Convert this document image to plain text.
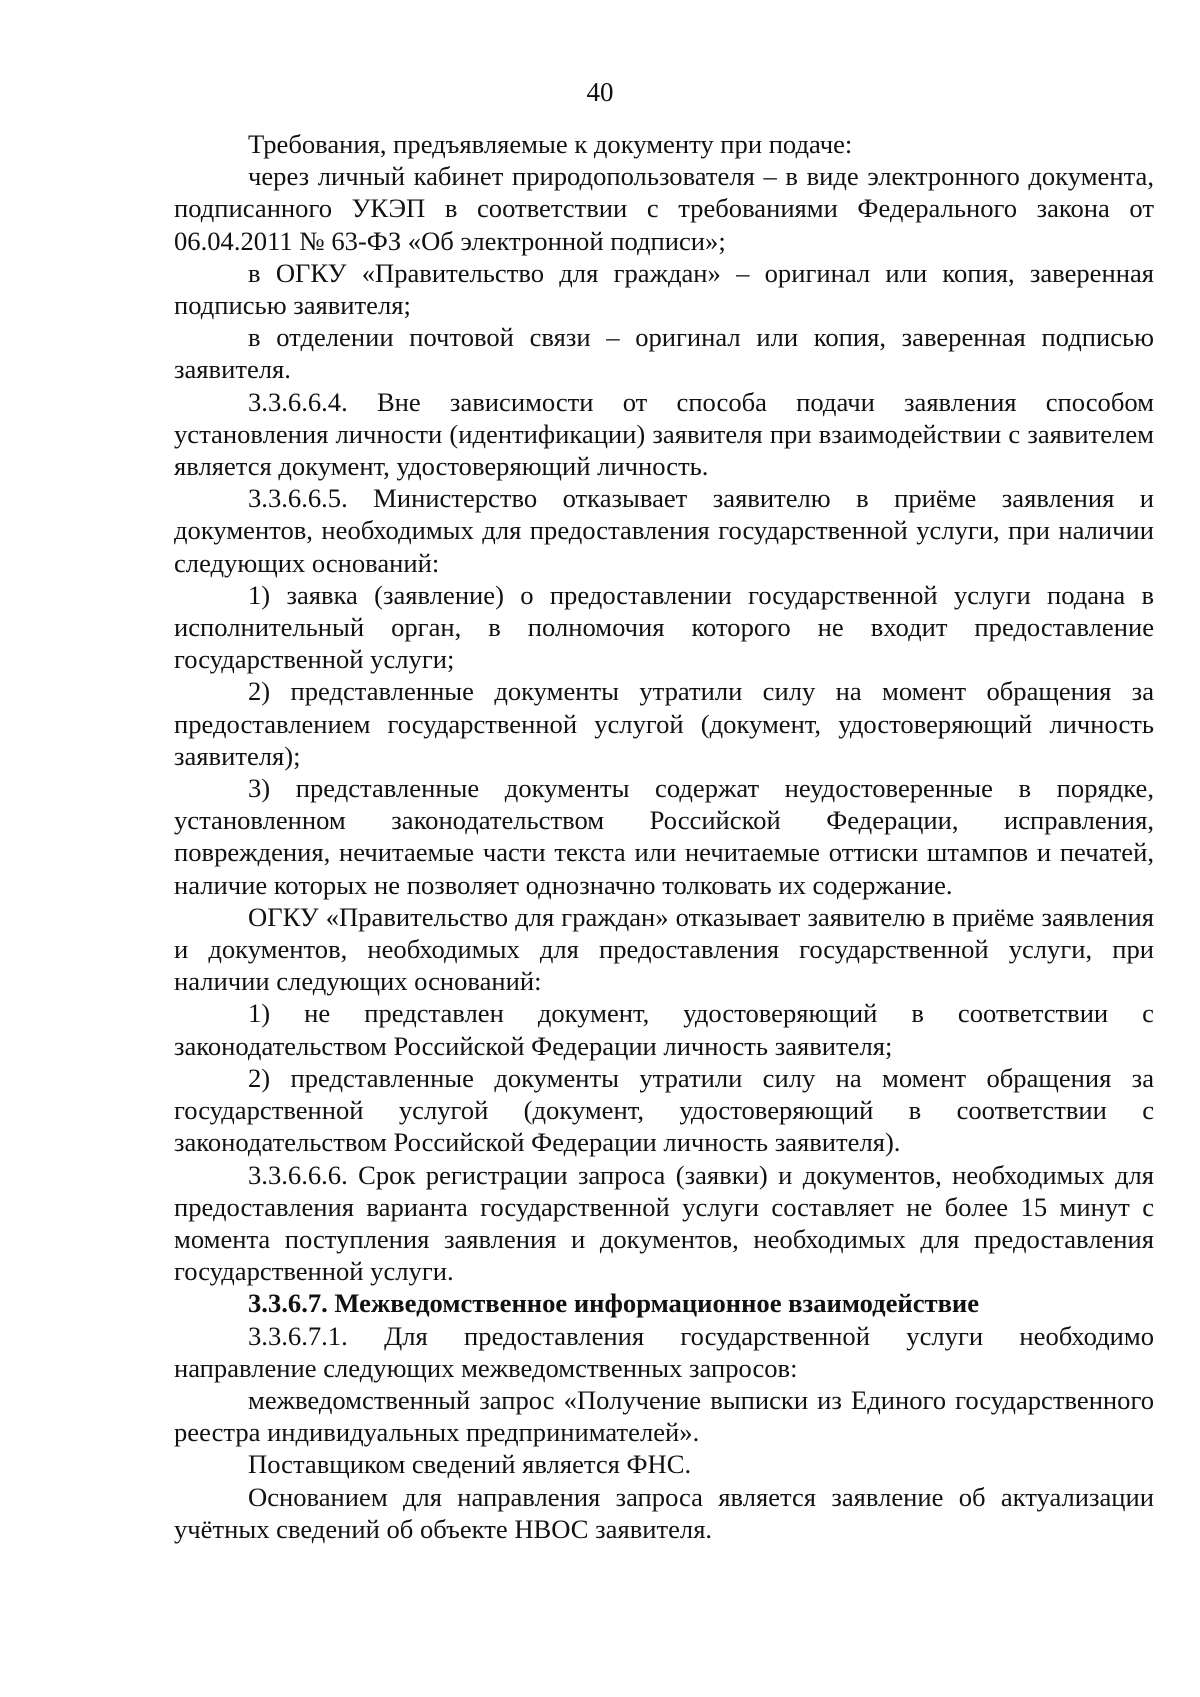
40

Требования, предъявляемые к документу при подаче:

через личный кабинет природопользователя – в виде электронного документа, подписанного УКЭП в соответствии с требованиями Федерального закона от 06.04.2011 № 63-ФЗ «Об электронной подписи»;

в ОГКУ «Правительство для граждан» – оригинал или копия, заверенная подписью заявителя;

в отделении почтовой связи – оригинал или копия, заверенная подписью заявителя.

3.3.6.6.4. Вне зависимости от способа подачи заявления способом установления личности (идентификации) заявителя при взаимодействии с заявителем является документ, удостоверяющий личность.

3.3.6.6.5. Министерство отказывает заявителю в приёме заявления и документов, необходимых для предоставления государственной услуги, при наличии следующих оснований:

1) заявка (заявление) о предоставлении государственной услуги подана в исполнительный орган, в полномочия которого не входит предоставление государственной услуги;

2) представленные документы утратили силу на момент обращения за предоставлением государственной услугой (документ, удостоверяющий личность заявителя);

3) представленные документы содержат неудостоверенные в порядке, установленном законодательством Российской Федерации, исправления, повреждения, нечитаемые части текста или нечитаемые оттиски штампов и печатей, наличие которых не позволяет однозначно толковать их содержание.

ОГКУ «Правительство для граждан» отказывает заявителю в приёме заявления и документов, необходимых для предоставления государственной услуги, при наличии следующих оснований:

1) не представлен документ, удостоверяющий в соответствии с законодательством Российской Федерации личность заявителя;

2) представленные документы утратили силу на момент обращения за государственной услугой (документ, удостоверяющий в соответствии с законодательством Российской Федерации личность заявителя).

3.3.6.6.6. Срок регистрации запроса (заявки) и документов, необходимых для предоставления варианта государственной услуги составляет не более 15 минут с момента поступления заявления и документов, необходимых для предоставления государственной услуги.

3.3.6.7. Межведомственное информационное взаимодействие

3.3.6.7.1. Для предоставления государственной услуги необходимо направление следующих межведомственных запросов:

межведомственный запрос «Получение выписки из Единого государственного реестра индивидуальных предпринимателей».

Поставщиком сведений является ФНС.

Основанием для направления запроса является заявление об актуализации учётных сведений об объекте НВОС заявителя.
